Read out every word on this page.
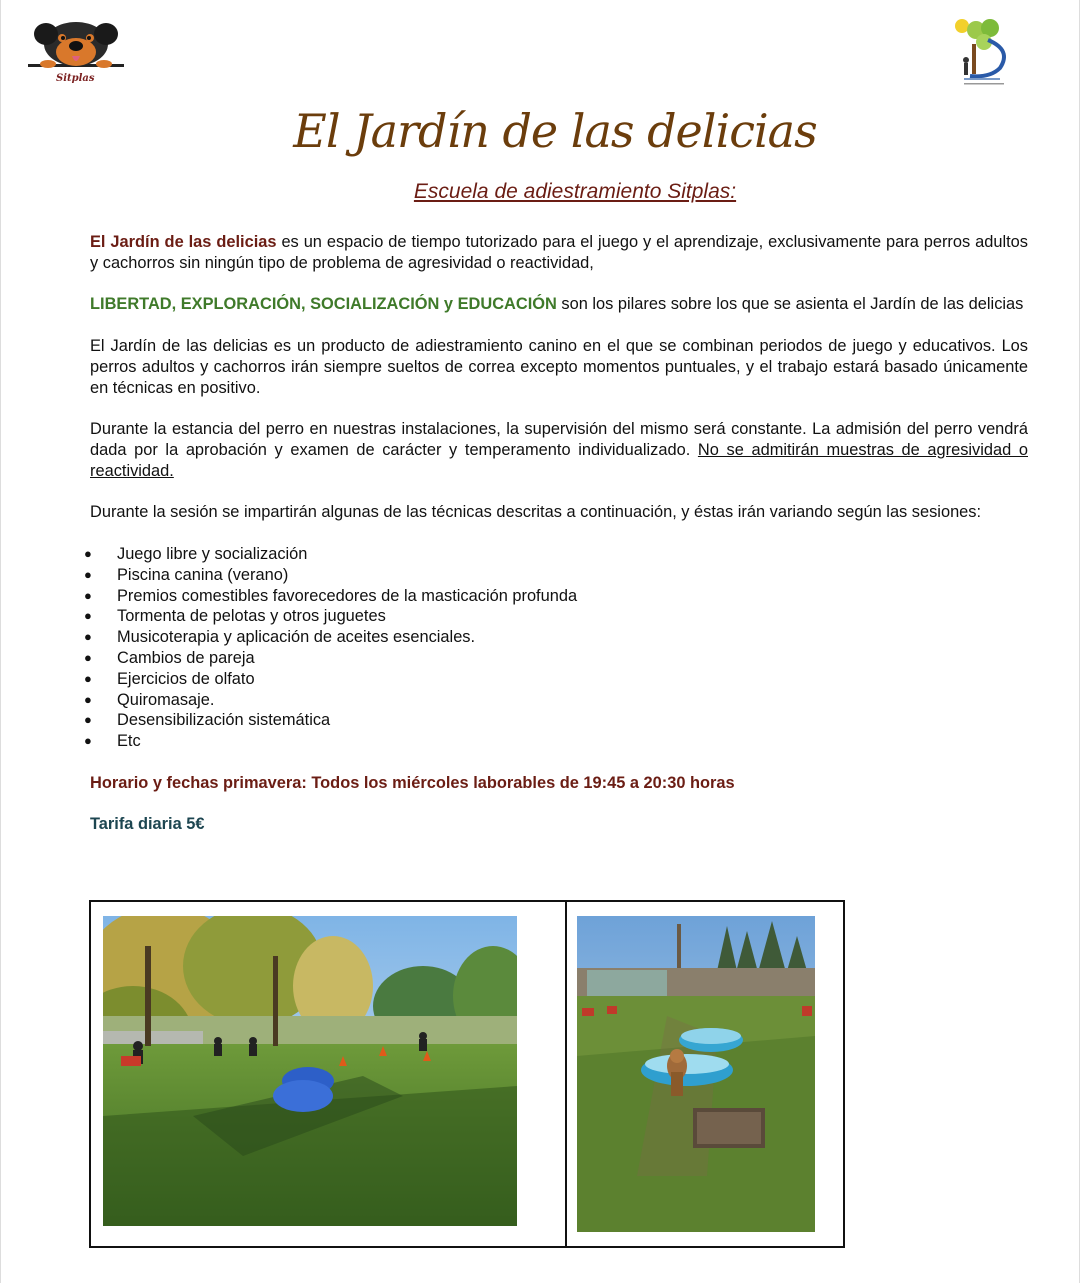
Sitplas
El Jardín de las delicias
Escuela de adiestramiento Sitplas:

El Jardín de las delicias es un espacio de tiempo tutorizado para el juego y el aprendizaje, exclusivamente para perros adultos y cachorros sin ningún tipo de problema de agresividad o reactividad,

LIBERTAD, EXPLORACIÓN, SOCIALIZACIÓN y EDUCACIÓN son los pilares sobre los que se asienta el Jardín de las delicias

El Jardín de las delicias es un producto de adiestramiento canino en el que se combinan periodos de juego y educativos. Los perros adultos y cachorros irán siempre sueltos de correa excepto momentos puntuales, y el trabajo estará basado únicamente en técnicas en positivo.

Durante la estancia del perro en nuestras instalaciones, la supervisión del mismo será constante. La admisión del perro vendrá dada por la aprobación y examen de carácter y temperamento individualizado. No se admitirán muestras de agresividad o reactividad.

Durante la sesión se impartirán algunas de las técnicas descritas a continuación, y éstas irán variando según las sesiones:

● Juego libre y socialización
● Piscina canina (verano)
● Premios comestibles favorecedores de la masticación profunda
● Tormenta de pelotas y otros juguetes
● Musicoterapia y aplicación de aceites esenciales.
● Cambios de pareja
● Ejercicios de olfato
● Quiromasaje.
● Desensibilización sistemática
● Etc

Horario y fechas primavera: Todos los miércoles laborables de 19:45 a 20:30 horas

Tarifa diaria 5€
